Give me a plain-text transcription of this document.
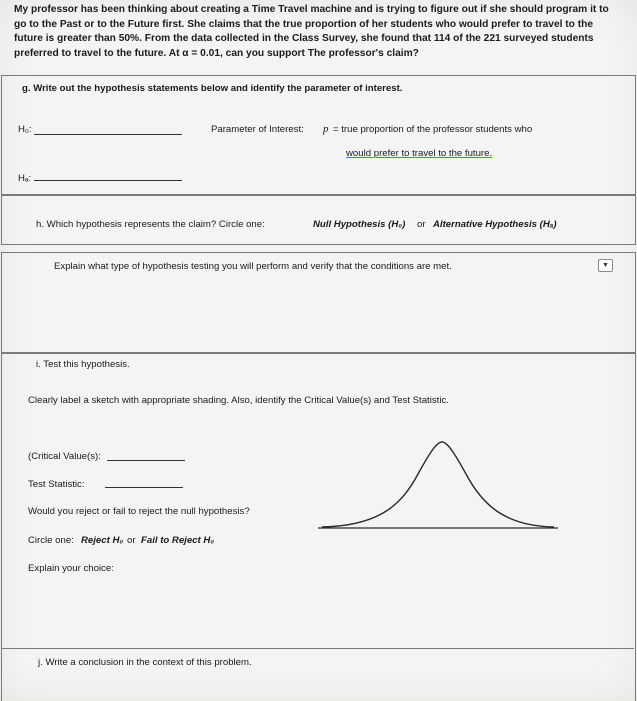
My professor has been thinking about creating a Time Travel machine and is trying to figure out if she should program it to go to the Past or to the Future first. She claims that the true proportion of her students who would prefer to travel to the future is greater than 50%. From the data collected in the Class Survey, she found that 114 of the 221 surveyed students preferred to travel to the future. At α = 0.01, can you support The professor's claim?
g. Write out the hypothesis statements below and identify the parameter of interest.
H₀:
Hₐ:
Parameter of Interest: p = true proportion of the professor students who
would prefer to travel to the future.
h. Which hypothesis represents the claim? Circle one:	Null Hypothesis (H₀) or Alternative Hypothesis (Hₐ)
Explain what type of hypothesis testing you will perform and verify that the conditions are met.	▼
i. Test this hypothesis.
Clearly label a sketch with appropriate shading. Also, identify the Critical Value(s) and Test Statistic.
(Critical Value(s):
Test Statistic:
Would you reject or fail to reject the null hypothesis?
Circle one: Reject H₀ or Fail to Reject H₀
Explain your choice:
j. Write a conclusion in the context of this problem.
